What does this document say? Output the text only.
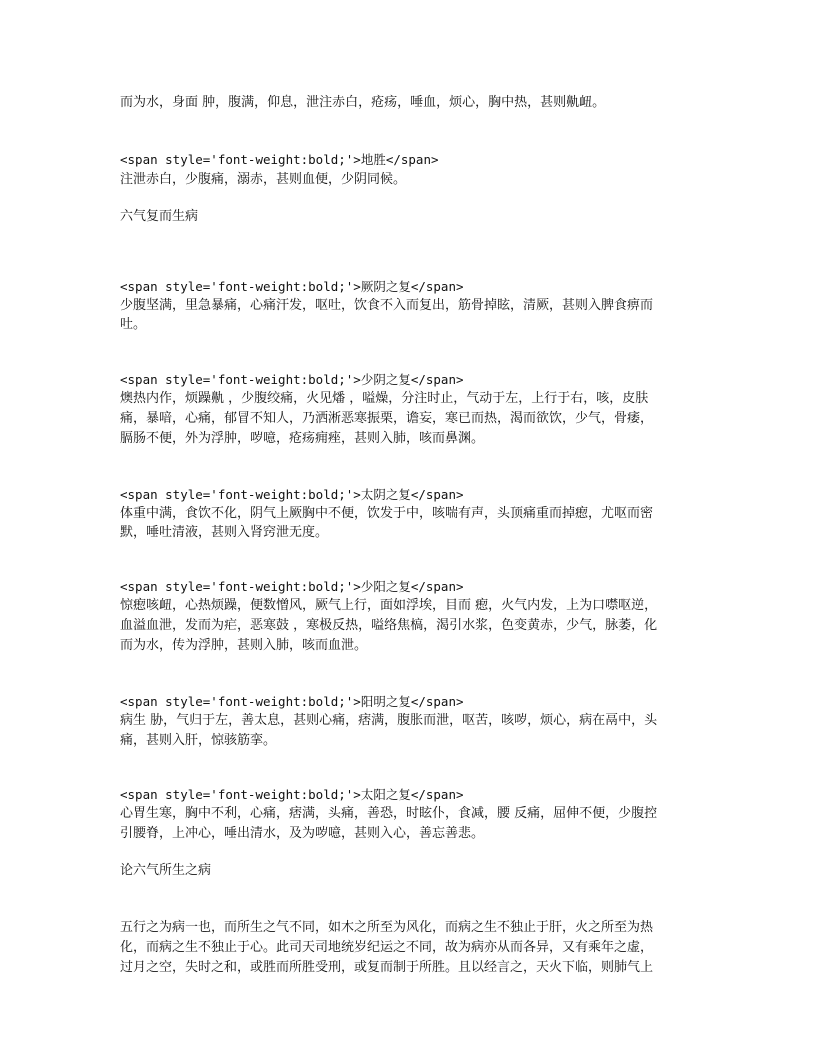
而为水，身面 肿，腹满，仰息，泄注赤白，疮疡，唾血，烦心，胸中热，甚则鼽衄。
<span style='font-weight:bold;'>地胜</span>
注泄赤白，少腹痛，溺赤，甚则血便，少阴同候。
六气复而生病
<span style='font-weight:bold;'>厥阴之复</span>
少腹坚满，里急暴痛，心痛汗发，呕吐，饮食不入而复出，筋骨掉眩，清厥，甚则入脾食痹而
吐。
<span style='font-weight:bold;'>少阴之复</span>
燠热内作，烦躁鼽 ，少腹绞痛，火见燔 ，嗌燥，分注时止，气动于左，上行于右，咳，皮肤
痛，暴喑，心痛，郁冒不知人，乃洒淅恶寒振栗，谵妄，寒已而热，渴而欲饮，少气，骨痿，
膈肠不便，外为浮肿，哕噫，疮疡痈痤，甚则入肺，咳而鼻渊。
<span style='font-weight:bold;'>太阴之复</span>
体重中满，食饮不化，阴气上厥胸中不便，饮发于中，咳喘有声，头顶痛重而掉瘛，尤呕而密
默，唾吐清液，甚则入肾窍泄无度。
<span style='font-weight:bold;'>少阳之复</span>
惊瘛咳衄，心热烦躁，便数憎风，厥气上行，面如浮埃，目而 瘛，火气内发，上为口噤呕逆，
血溢血泄，发而为疟，恶寒鼓 ，寒极反热，嗌络焦槁，渴引水浆，色变黄赤，少气，脉萎，化
而为水，传为浮肿，甚则入肺，咳而血泄。
<span style='font-weight:bold;'>阳明之复</span>
病生 胁，气归于左，善太息，甚则心痛，痞满，腹胀而泄，呕苦，咳哕，烦心，病在鬲中，头
痛，甚则入肝，惊骇筋挛。
<span style='font-weight:bold;'>太阳之复</span>
心胃生寒，胸中不利，心痛，痞满，头痛，善恐，时眩仆，食减，腰 反痛，屈伸不便，少腹控
引腰脊，上冲心，唾出清水，及为哕噫，甚则入心，善忘善悲。
论六气所生之病
五行之为病一也，而所生之气不同，如木之所至为风化，而病之生不独止于肝，火之所至为热
化，而病之生不独止于心。此司天司地统岁纪运之不同，故为病亦从而各异，又有乘年之虚，
过月之空，失时之和，或胜而所胜受刑，或复而制于所胜。且以经言之，天火下临，则肺气上
